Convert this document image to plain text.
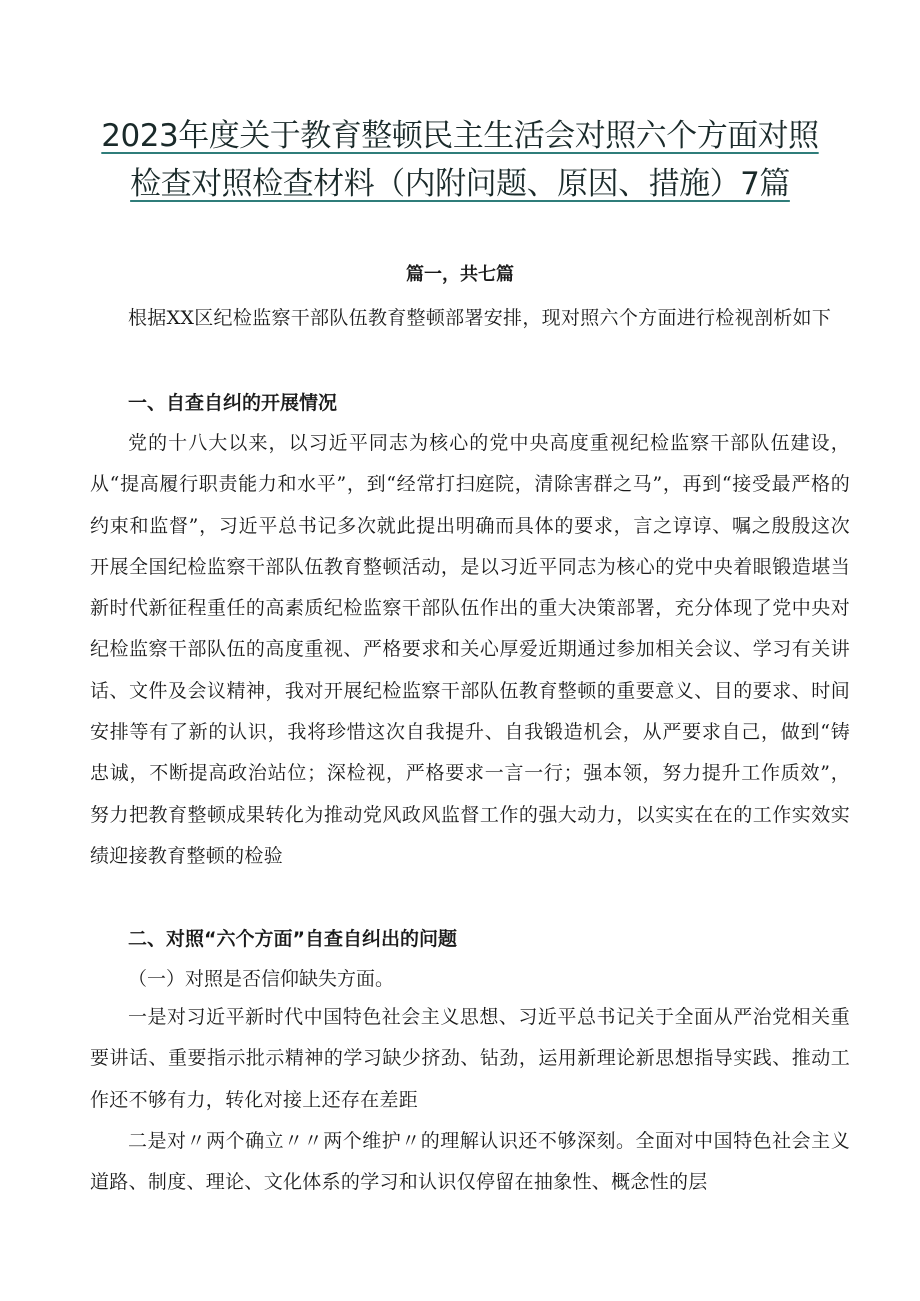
2023年度关于教育整顿民主生活会对照六个方面对照
检查对照检查材料（内附问题、原因、措施）7篇
篇一，共七篇

根据XX区纪检监察干部队伍教育整顿部署安排，现对照六个方面进行检视剖析如下

一、自查自纠的开展情况

党的十八大以来，以习近平同志为核心的党中央高度重视纪检监察干部队伍建设，从“提高履行职责能力和水平”，到“经常打扫庭院，清除害群之马”，再到“接受最严格的约束和监督”，习近平总书记多次就此提出明确而具体的要求，言之谆谆、嘱之殷殷这次开展全国纪检监察干部队伍教育整顿活动，是以习近平同志为核心的党中央着眼锻造堪当新时代新征程重任的高素质纪检监察干部队伍作出的重大决策部署，充分体现了党中央对纪检监察干部队伍的高度重视、严格要求和关心厚爱近期通过参加相关会议、学习有关讲话、文件及会议精神，我对开展纪检监察干部队伍教育整顿的重要意义、目的要求、时间安排等有了新的认识，我将珍惜这次自我提升、自我锻造机会，从严要求自己，做到“铸忠诚，不断提高政治站位；深检视，严格要求一言一行；强本领，努力提升工作质效”，努力把教育整顿成果转化为推动党风政风监督工作的强大动力，以实实在在的工作实效实绩迎接教育整顿的检验

二、对照“六个方面”自查自纠出的问题

（一）对照是否信仰缺失方面。

一是对习近平新时代中国特色社会主义思想、习近平总书记关于全面从严治党相关重要讲话、重要指示批示精神的学习缺少挤劲、钻劲，运用新理论新思想指导实践、推动工作还不够有力，转化对接上还存在差距

二是对〃两个确立〃〃两个维护〃的理解认识还不够深刻。全面对中国特色社会主义道路、制度、理论、文化体系的学习和认识仅停留在抽象性、概念性的层
